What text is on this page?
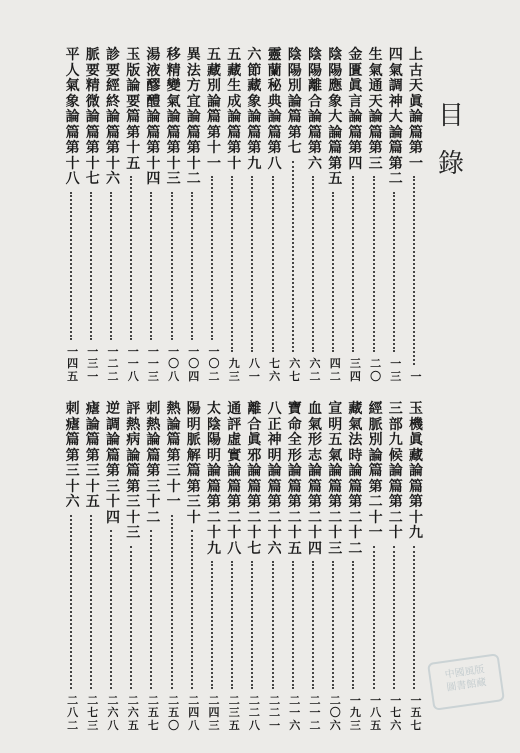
目
錄
上
古
天
眞
論
篇
第
一
一
四
氣
調
神
大
論
篇
第
二
一
三
生
氣
通
天
論
篇
第
三
二
〇
金
匱
眞
言
論
篇
第
四
三
四
陰
陽
應
象
大
論
篇
第
五
四
二
陰
陽
離
合
論
篇
第
六
六
二
陰
陽
別
論
篇
第
七
六
七
靈
蘭
秘
典
論
篇
第
八
七
六
六
節
藏
象
論
篇
第
九
八
一
五
藏
生
成
論
篇
第
十
九
三
五
藏
別
論
篇
第
十
一
一
〇
二
異
法
方
宜
論
篇
第
十
二
一
〇
四
移
精
變
氣
論
篇
第
十
三
一
〇
八
湯
液
醪
醴
論
篇
第
十
四
一
一
三
玉
版
論
要
篇
第
十
五
一
一
八
診
要
經
終
論
篇
第
十
六
一
二
二
脈
要
精
微
論
篇
第
十
七
一
三
一
平
人
氣
象
論
篇
第
十
八
一
四
五
玉
機
眞
藏
論
篇
第
十
九
一
五
七
三
部
九
候
論
篇
第
二
十
一
七
六
經
脈
別
論
篇
第
二
十
一
一
八
五
藏
氣
法
時
論
篇
第
二
十
二
一
九
三
宣
明
五
氣
論
篇
第
二
十
三
二
〇
六
血
氣
形
志
論
篇
第
二
十
四
二
一
二
寶
命
全
形
論
篇
第
二
十
五
二
一
六
八
正
神
明
論
篇
第
二
十
六
二
二
一
離
合
眞
邪
論
篇
第
二
十
七
二
二
八
通
評
虛
實
論
篇
第
二
十
八
二
三
五
太
陰
陽
明
論
篇
第
二
十
九
二
四
三
陽
明
脈
解
篇
第
三
十
二
四
八
熱
論
篇
第
三
十
一
二
五
〇
刺
熱
論
篇
第
三
十
二
二
五
七
評
熱
病
論
篇
第
三
十
三
二
六
五
逆
調
論
篇
第
三
十
四
二
六
八
瘧
論
篇
第
三
十
五
二
七
三
刺
瘧
篇
第
三
十
六
二
八
二
中國風版
圖書館藏
